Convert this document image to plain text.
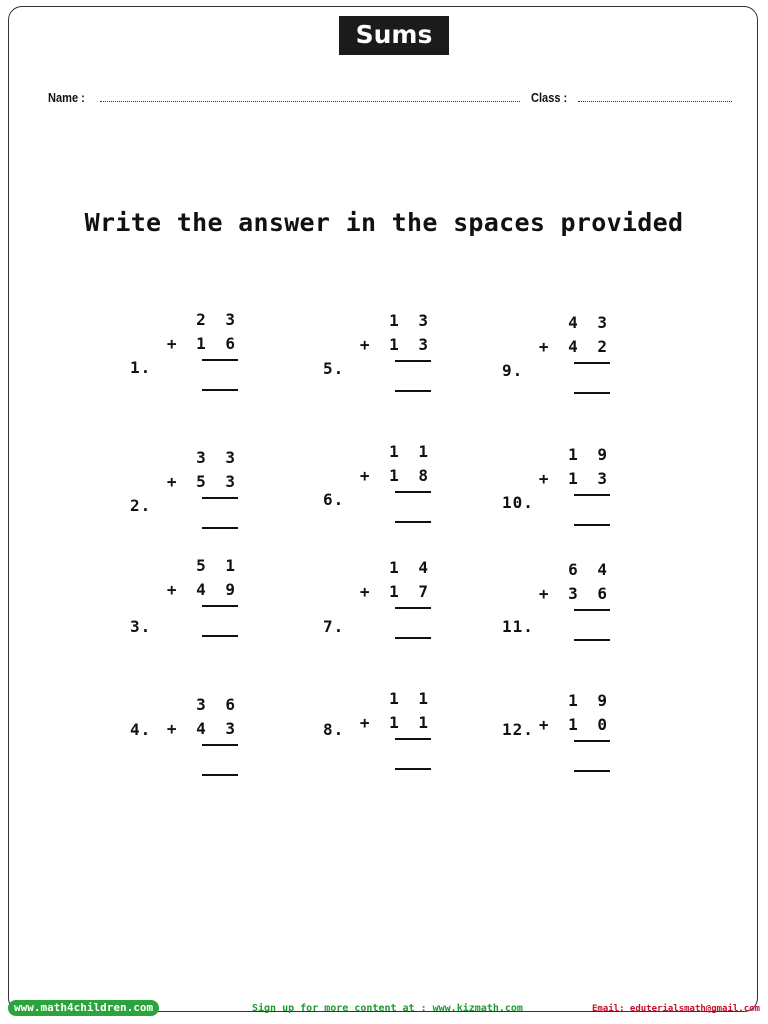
Sums
Name :	Class :
Write the answer in the spaces provided
1.
2 3
+ 1 6
2.
3 3
+ 5 3
3.
5 1
+ 4 9
4.
3 6
+ 4 3
5.
1 3
+ 1 3
6.
1 1
+ 1 8
7.
1 4
+ 1 7
8.
1 1
+ 1 1
9.
4 3
+ 4 2
10.
1 9
+ 1 3
11.
6 4
+ 3 6
12.
1 9
+ 1 0
www.math4children.com	Sign up for more content at : www.kizmath.com	Email: eduterialsmath@gmail.com
